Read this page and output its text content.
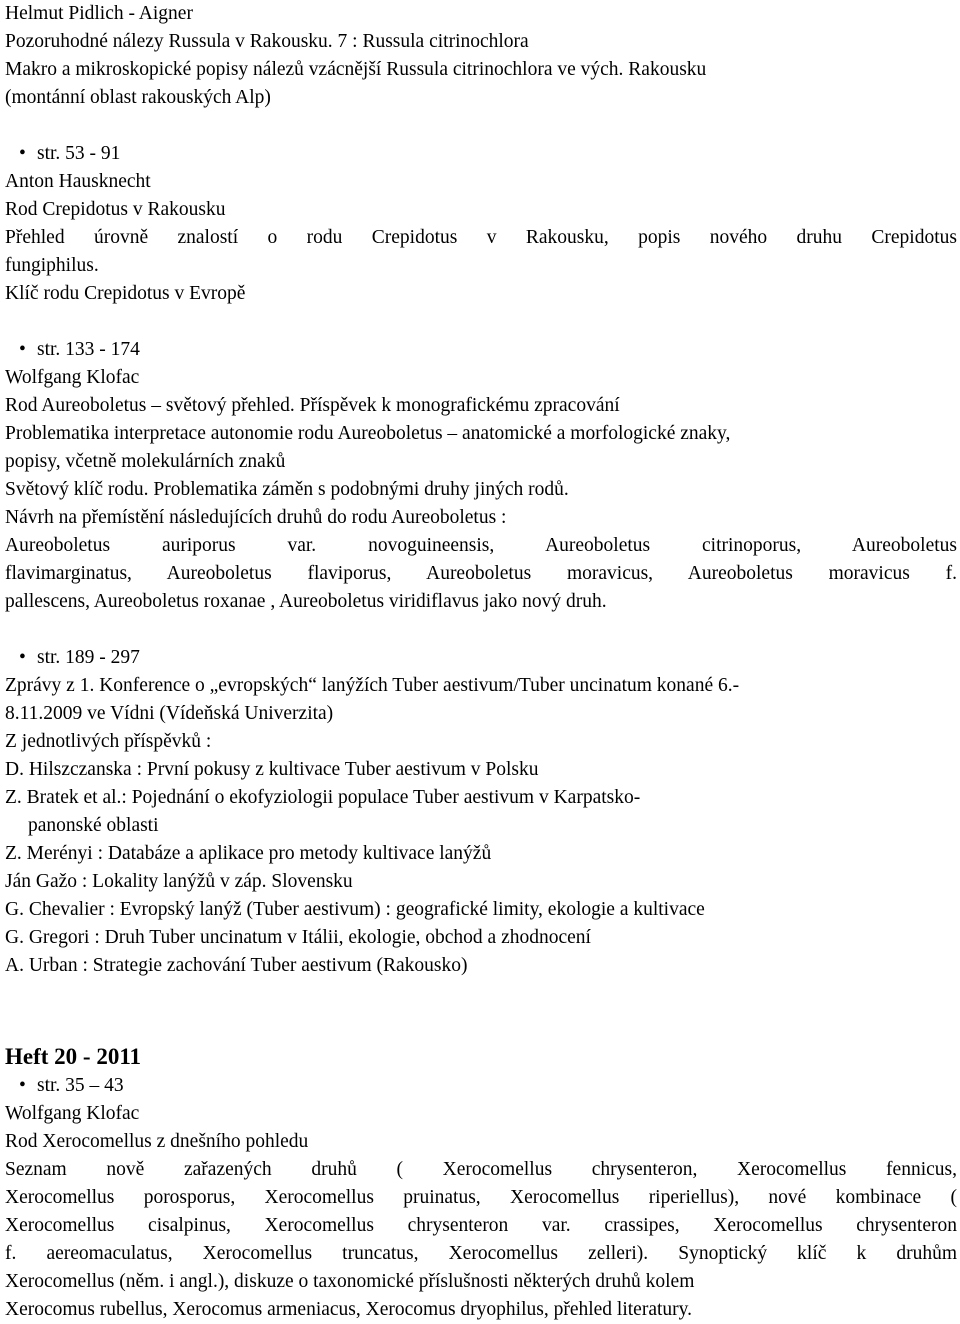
Helmut Pidlich - Aigner
Pozoruhodné nálezy Russula v Rakousku. 7 : Russula citrinochlora
Makro a mikroskopické popisy nálezů vzácnější Russula citrinochlora ve vých. Rakousku
(montánní oblast rakouských Alp)
• str. 53 - 91
Anton Hausknecht
Rod Crepidotus v Rakousku
Přehled úrovně znalostí o rodu Crepidotus v Rakousku, popis nového druhu Crepidotus
fungiphilus.
Klíč rodu Crepidotus v Evropě
• str. 133 - 174
Wolfgang Klofac
Rod Aureoboletus – světový přehled. Příspěvek k monografickému zpracování
Problematika interpretace autonomie rodu Aureoboletus – anatomické a morfologické znaky,
popisy, včetně molekulárních znaků
Světový klíč rodu. Problematika záměn s podobnými druhy jiných rodů.
Návrh na přemístění následujících druhů do rodu Aureoboletus :
Aureoboletus auriporus var. novoguineensis, Aureoboletus citrinoporus, Aureoboletus
flavimarginatus, Aureoboletus flaviporus, Aureoboletus moravicus, Aureoboletus moravicus f.
pallescens, Aureoboletus roxanae , Aureoboletus viridiflavus jako nový druh.
• str. 189 - 297
Zprávy z 1. Konference o „evropských“ lanýžích Tuber aestivum/Tuber uncinatum konané 6.-
8.11.2009 ve Vídni (Vídeňská Univerzita)
Z jednotlivých příspěvků :
D. Hilszczanska : První pokusy z kultivace Tuber aestivum v Polsku
Z. Bratek et al.: Pojednání o ekofyziologii populace Tuber aestivum v Karpatsko-
panonské oblasti
Z. Merényi : Databáze a aplikace pro metody kultivace lanýžů
Ján Gažo : Lokality lanýžů v záp. Slovensku
G. Chevalier : Evropský lanýž (Tuber aestivum) : geografické limity, ekologie a kultivace
G. Gregori : Druh Tuber uncinatum v Itálii, ekologie, obchod a zhodnocení
A. Urban : Strategie zachování Tuber aestivum (Rakousko)
Heft 20 - 2011
• str. 35 – 43
Wolfgang Klofac
Rod Xerocomellus z dnešního pohledu
Seznam nově zařazených druhů ( Xerocomellus chrysenteron, Xerocomellus fennicus,
Xerocomellus porosporus, Xerocomellus pruinatus, Xerocomellus riperiellus), nové kombinace (
Xerocomellus cisalpinus, Xerocomellus chrysenteron var. crassipes, Xerocomellus chrysenteron
f. aereomaculatus, Xerocomellus truncatus, Xerocomellus zelleri). Synoptický klíč k druhům
Xerocomellus (něm. i angl.), diskuze o taxonomické příslušnosti některých druhů kolem
Xerocomus rubellus, Xerocomus armeniacus, Xerocomus dryophilus, přehled literatury.
